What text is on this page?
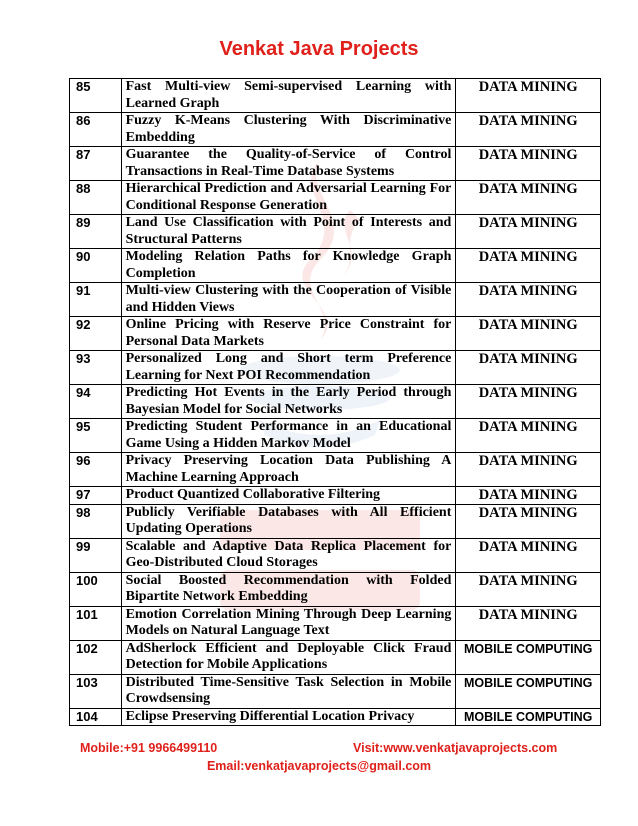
Venkat Java Projects
85	Fast Multi-view Semi-supervised Learning with Learned Graph	DATA MINING
86	Fuzzy K-Means Clustering With Discriminative Embedding	DATA MINING
87	Guarantee the Quality-of-Service of Control Transactions in Real-Time Database Systems	DATA MINING
88	Hierarchical Prediction and Adversarial Learning For Conditional Response Generation	DATA MINING
89	Land Use Classification with Point of Interests and Structural Patterns	DATA MINING
90	Modeling Relation Paths for Knowledge Graph Completion	DATA MINING
91	Multi-view Clustering with the Cooperation of Visible and Hidden Views	DATA MINING
92	Online Pricing with Reserve Price Constraint for Personal Data Markets	DATA MINING
93	Personalized Long and Short term Preference Learning for Next POI Recommendation	DATA MINING
94	Predicting Hot Events in the Early Period through Bayesian Model for Social Networks	DATA MINING
95	Predicting Student Performance in an Educational Game Using a Hidden Markov Model	DATA MINING
96	Privacy Preserving Location Data Publishing A Machine Learning Approach	DATA MINING
97	Product Quantized Collaborative Filtering	DATA MINING
98	Publicly Verifiable Databases with All Efficient Updating Operations	DATA MINING
99	Scalable and Adaptive Data Replica Placement for Geo-Distributed Cloud Storages	DATA MINING
100	Social Boosted Recommendation with Folded Bipartite Network Embedding	DATA MINING
101	Emotion Correlation Mining Through Deep Learning Models on Natural Language Text	DATA MINING
102	AdSherlock Efficient and Deployable Click Fraud Detection for Mobile Applications	MOBILE COMPUTING
103	Distributed Time-Sensitive Task Selection in Mobile Crowdsensing	MOBILE COMPUTING
104	Eclipse Preserving Differential Location Privacy	MOBILE COMPUTING
Mobile:+91 9966499110	Visit:www.venkatjavaprojects.com
Email:venkatjavaprojects@gmail.com
